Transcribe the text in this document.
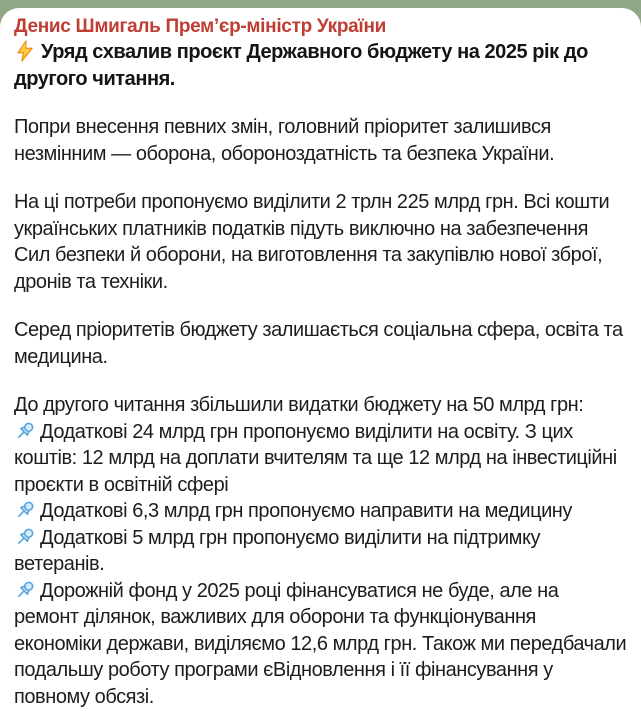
Денис Шмигаль Прем’єр-міністр України
Уряд схвалив проєкт Державного бюджету на 2025 рік до другого читання.
Попри внесення певних змін, головний пріоритет залишився незмінним — оборона, обороноздатність та безпека України.
На ці потреби пропонуємо виділити 2 трлн 225 млрд грн. Всі кошти українських платників податків підуть виключно на забезпечення Сил безпеки й оборони, на виготовлення та закупівлю нової зброї, дронів та техніки.
Серед пріоритетів бюджету залишається соціальна сфера, освіта та медицина.
До другого читання збільшили видатки бюджету на 50 млрд грн:
Додаткові 24 млрд грн пропонуємо виділити на освіту. З цих коштів: 12 млрд на доплати вчителям та ще 12 млрд на інвестиційні проєкти в освітній сфері
Додаткові 6,3 млрд грн пропонуємо направити на медицину
Додаткові 5 млрд грн пропонуємо виділити на підтримку ветеранів.
Дорожній фонд у 2025 році фінансуватися не буде, але на ремонт ділянок, важливих для оборони та функціонування економіки держави, виділяємо 12,6 млрд грн. Також ми передбачали подальшу роботу програми єВідновлення і її фінансування у повному обсязі.
